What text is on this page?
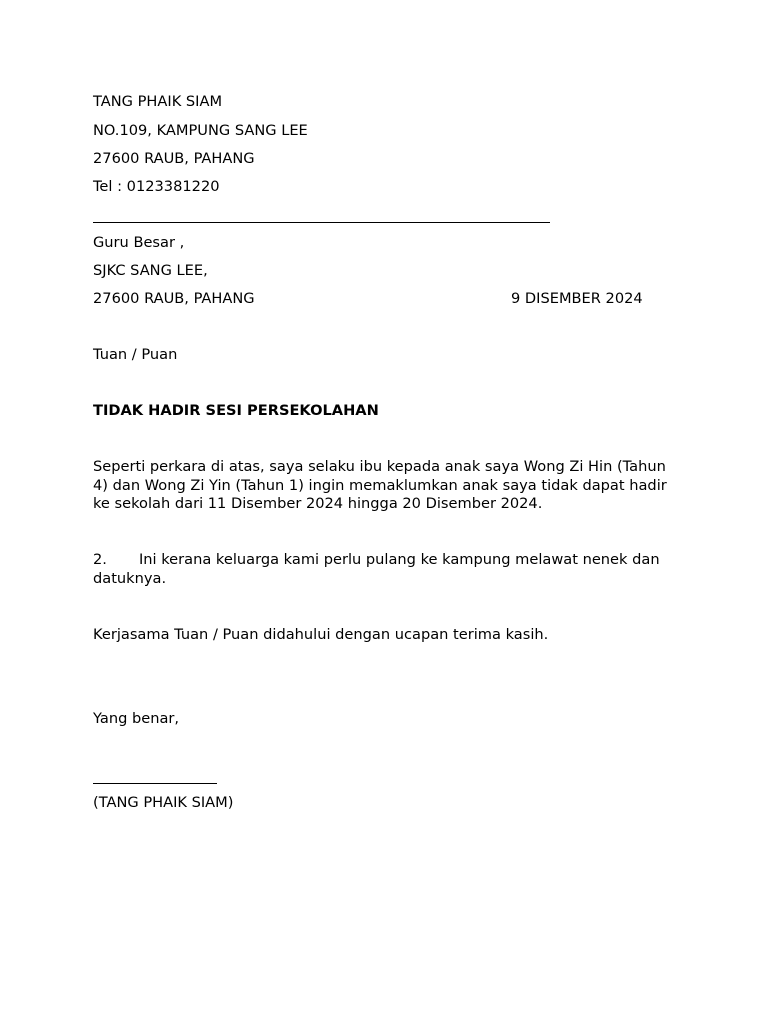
TANG PHAIK SIAM
NO.109, KAMPUNG SANG LEE
27600 RAUB, PAHANG
Tel : 0123381220
Guru Besar ,
SJKC SANG LEE,
27600 RAUB, PAHANG	9 DISEMBER 2024
Tuan / Puan
TIDAK HADIR SESI PERSEKOLAHAN
Seperti perkara di atas, saya selaku ibu kepada anak saya Wong Zi Hin (Tahun 4) dan Wong Zi Yin (Tahun 1) ingin memaklumkan anak saya tidak dapat hadir ke sekolah dari 11 Disember 2024 hingga 20 Disember 2024.
2. Ini kerana keluarga kami perlu pulang ke kampung melawat nenek dan datuknya.
Kerjasama Tuan / Puan didahului dengan ucapan terima kasih.
Yang benar,
(TANG PHAIK SIAM)
